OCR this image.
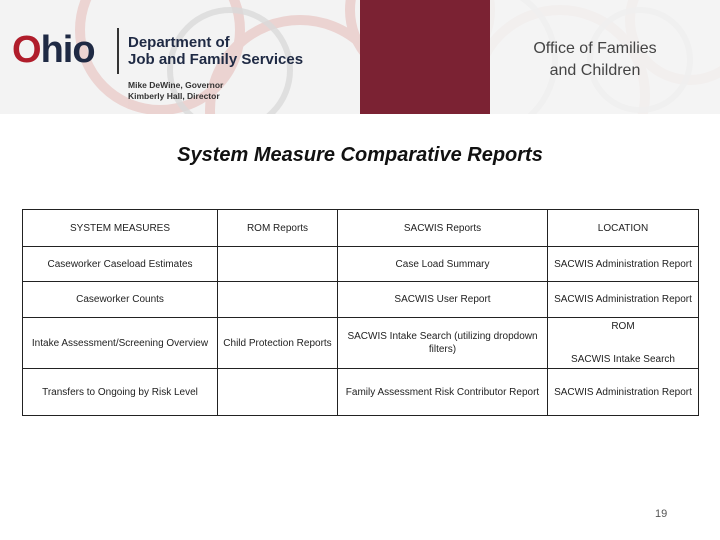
Ohio Department of
Job and Family Services
Mike DeWine, Governor
Kimberly Hall, Director
Office of Families
and Children
System Measure Comparative Reports
SYSTEM MEASURES	ROM Reports	SACWIS Reports	LOCATION
Caseworker Caseload Estimates		Case Load Summary	SACWIS Administration Report
Caseworker Counts		SACWIS User Report	SACWIS Administration Report
Intake Assessment/Screening Overview	Child Protection Reports	SACWIS Intake Search (utilizing dropdown filters)	ROM
SACWIS Intake Search

Transfers to Ongoing by Risk Level		Family Assessment Risk Contributor Report	SACWIS Administration Report
19
